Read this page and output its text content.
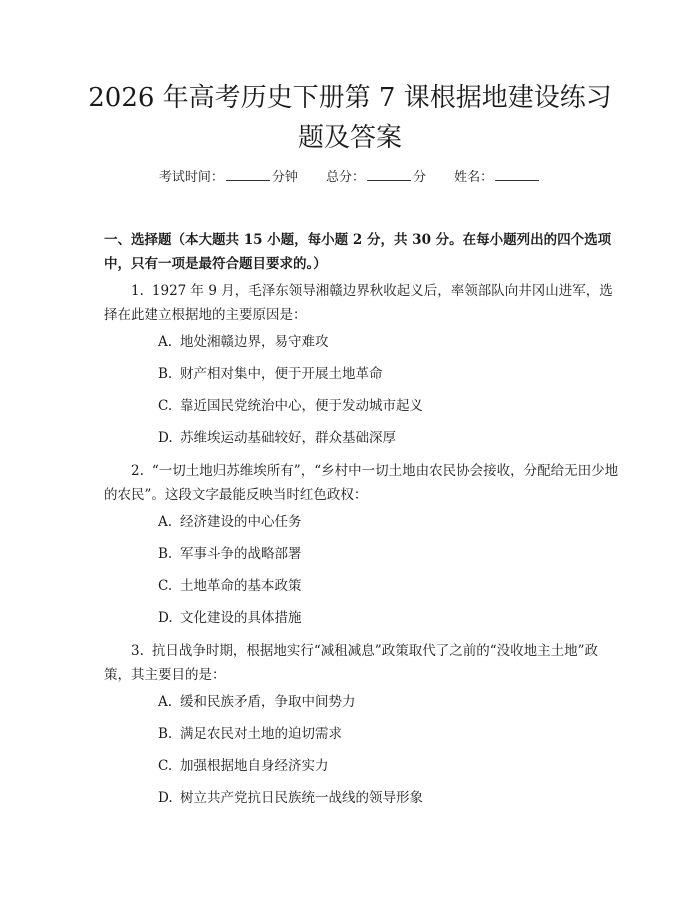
2026 年高考历史下册第 7 课根据地建设练习
题及答案
考试时间：	分钟 总分：	分 姓名：

一、选择题（本大题共 15 小题，每小题 2 分，共 30 分。在每小题列出的四个选项中，只有一项是最符合题目要求的。）

1. 1927 年 9 月，毛泽东领导湘赣边界秋收起义后，率领部队向井冈山进军，选择在此建立根据地的主要原因是：

A. 地处湘赣边界，易守难攻

B. 财产相对集中，便于开展土地革命

C. 靠近国民党统治中心，便于发动城市起义

D. 苏维埃运动基础较好，群众基础深厚

2. “一切土地归苏维埃所有”，“乡村中一切土地由农民协会接收，分配给无田少地的农民”。这段文字最能反映当时红色政权：

A. 经济建设的中心任务

B. 军事斗争的战略部署

C. 土地革命的基本政策

D. 文化建设的具体措施

3. 抗日战争时期，根据地实行“减租减息”政策取代了之前的“没收地主土地”政策，其主要目的是：

A. 缓和民族矛盾，争取中间势力

B. 满足农民对土地的迫切需求

C. 加强根据地自身经济实力

D. 树立共产党抗日民族统一战线的领导形象
